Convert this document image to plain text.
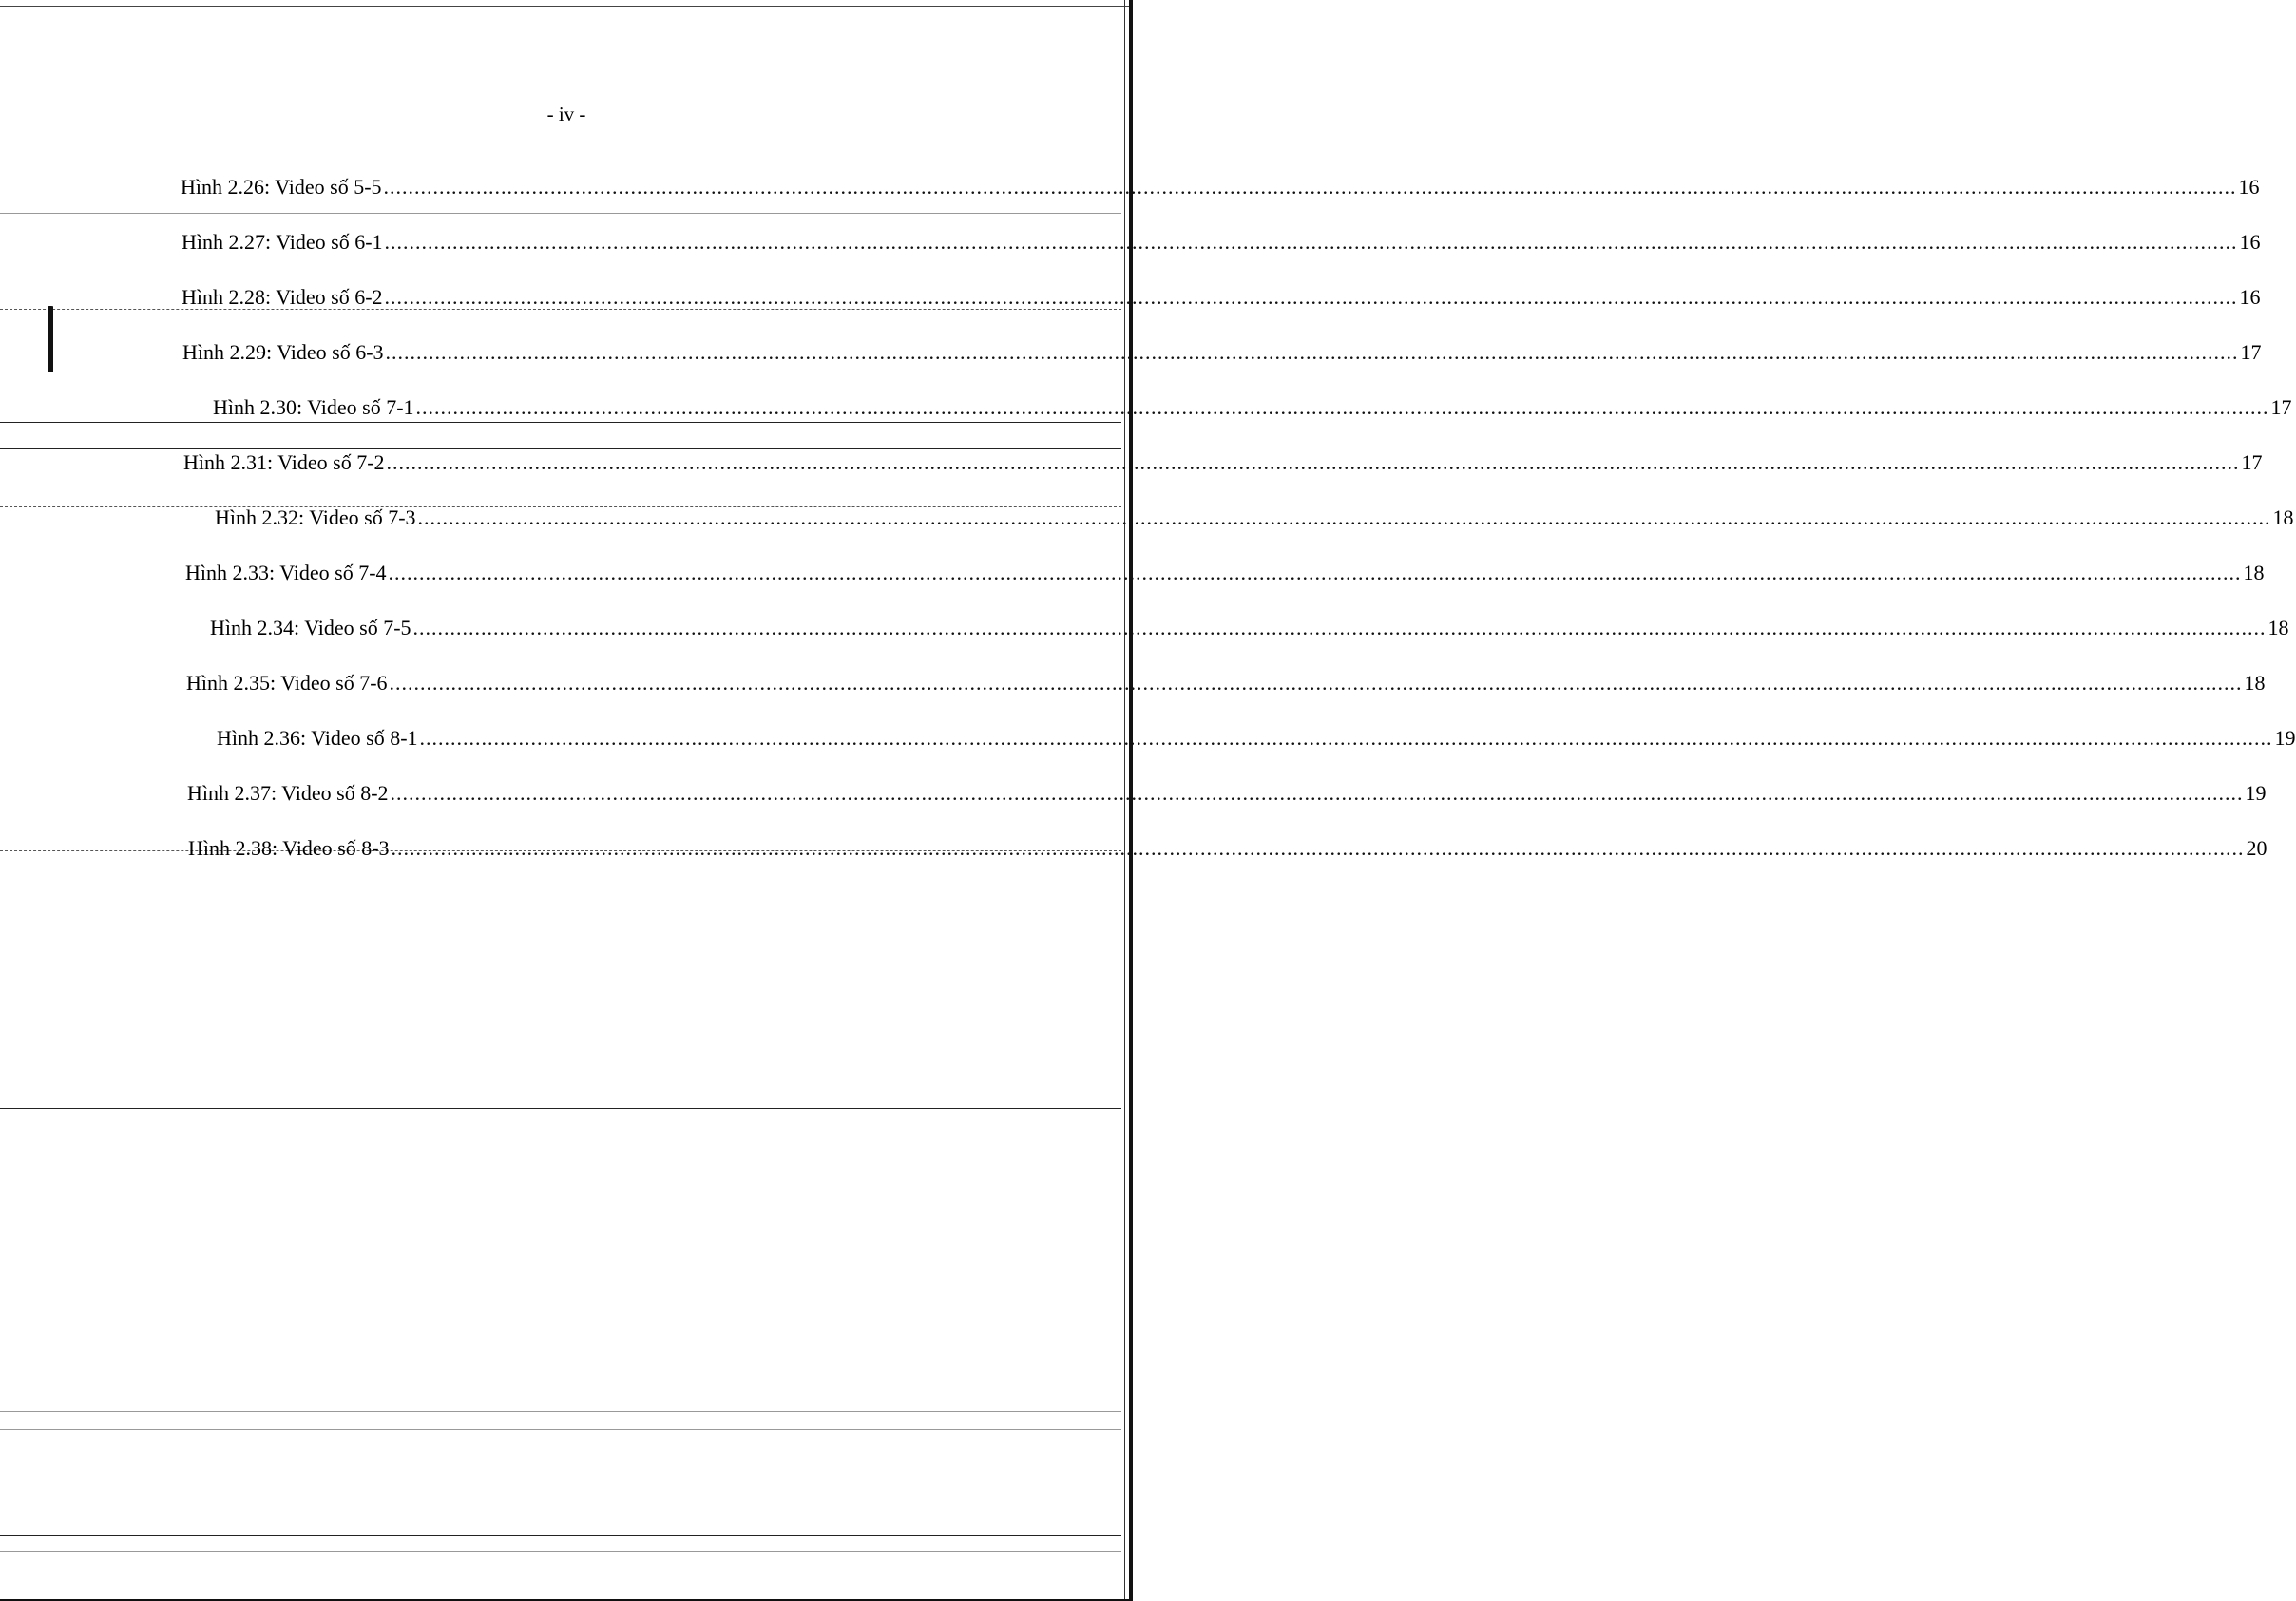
- iv -
Hình 2.26: Video số 5-5 ............................................................................................................................................................................................................................................................................................................ 16
Hình 2.27: Video số 6-1 ............................................................................................................................................................................................................................................................................................................ 16
Hình 2.28: Video số 6-2 ............................................................................................................................................................................................................................................................................................................ 16
Hình 2.29: Video số 6-3 ............................................................................................................................................................................................................................................................................................................ 17
Hình 2.30: Video số 7-1 ............................................................................................................................................................................................................................................................................................................ 17
Hình 2.31: Video số 7-2 ............................................................................................................................................................................................................................................................................................................ 17
Hình 2.32: Video số 7-3 ............................................................................................................................................................................................................................................................................................................ 18
Hình 2.33: Video số 7-4 ............................................................................................................................................................................................................................................................................................................ 18
Hình 2.34: Video số 7-5 ............................................................................................................................................................................................................................................................................................................ 18
Hình 2.35: Video số 7-6 ............................................................................................................................................................................................................................................................................................................ 18
Hình 2.36: Video số 8-1 ............................................................................................................................................................................................................................................................................................................ 19
Hình 2.37: Video số 8-2 ............................................................................................................................................................................................................................................................................................................ 19
Hình 2.38: Video số 8-3 ............................................................................................................................................................................................................................................................................................................ 20
